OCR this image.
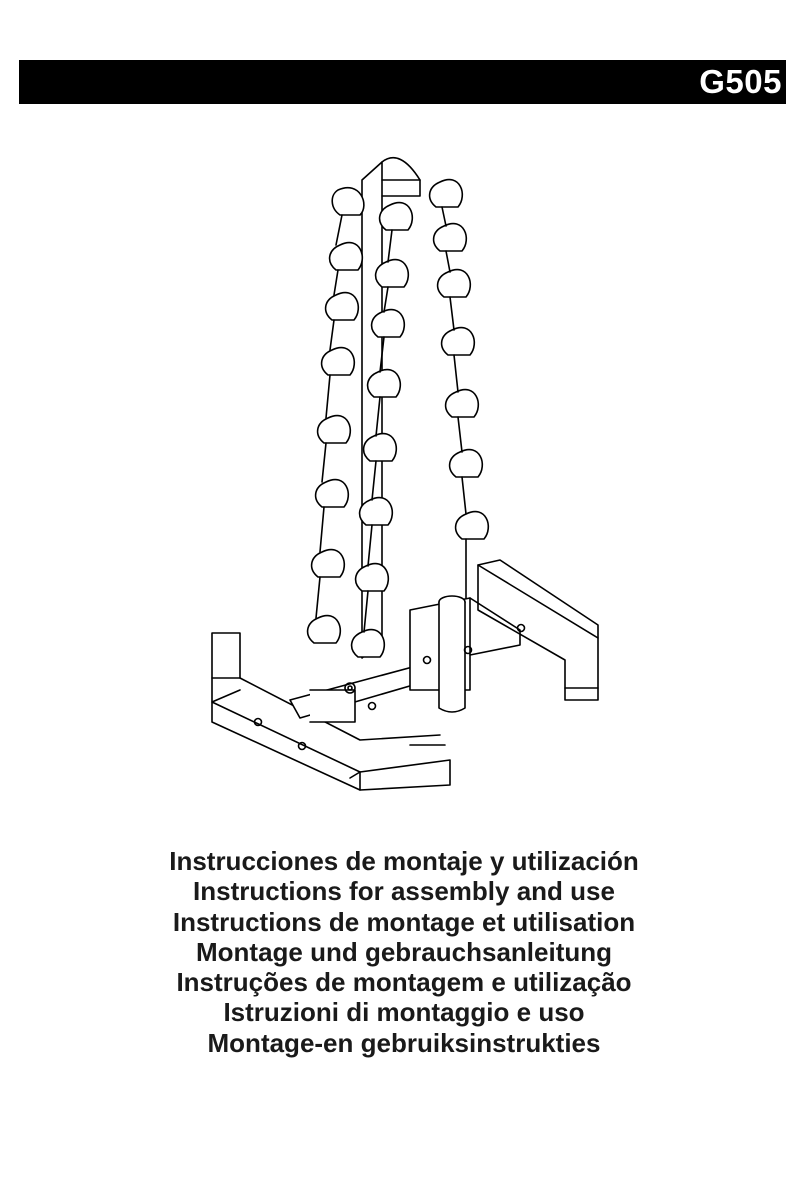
G505
Instrucciones de montaje y utilización
Instructions for assembly and use
Instructions de montage et utilisation
Montage und gebrauchsanleitung
Instruções de montagem e utilização
Istruzioni di montaggio e uso
Montage-en gebruiksinstrukties
